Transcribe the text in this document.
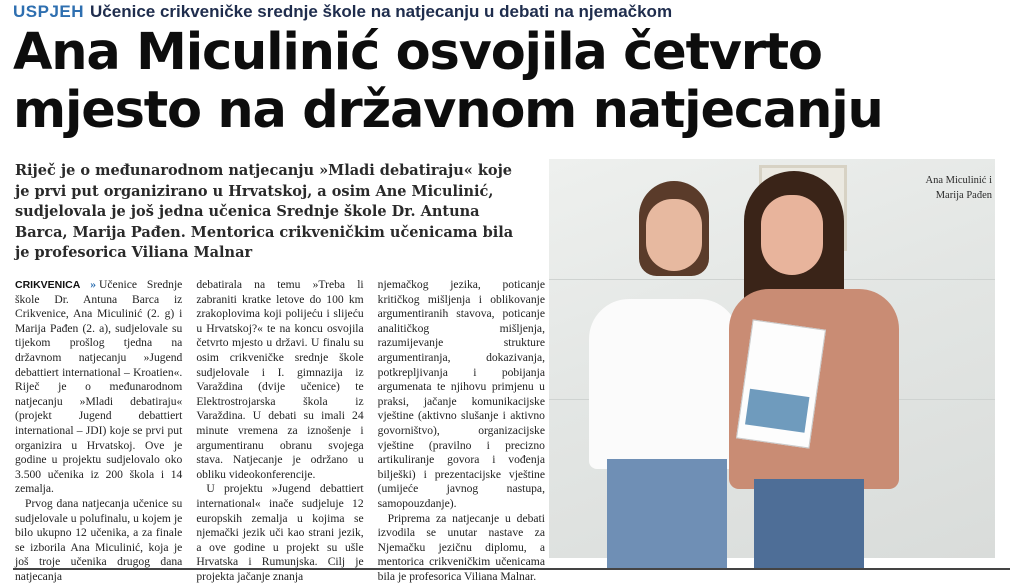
USPJEH Učenice crikveničke srednje škole na natjecanju u debati na njemačkom
Ana Miculinić osvojila četvrto
mjesto na državnom natjecanju

Riječ je o međunarodnom natjecanju »Mladi debatiraju« koje je prvi put organizirano u Hrvatskoj, a osim Ane Miculinić, sudjelovala je još jedna učenica Srednje škole Dr. Antuna Barca, Marija Pađen. Mentorica crikveničkim učenicama bila je profesorica Viliana Malnar

CRIKVENICA » Učenice Srednje škole Dr. Antuna Barca iz Crikvenice, Ana Miculinić (2. g) i Marija Pađen (2. a), sudjelovale su tijekom prošlog tjedna na državnom natjecanju »Jugend debattiert international – Kroatien«. Riječ je o međunarodnom natjecanju »Mladi debatiraju« (projekt Jugend debattiert international – JDI) koje se prvi put organizira u Hrvatskoj. Ove je godine u projektu sudjelovalo oko 3.500 učenika iz 200 škola i 14 zemalja.

Prvog dana natjecanja učenice su sudjelovale u polufinalu, u kojem je bilo ukupno 12 učenika, a za finale se izborila Ana Miculinić, koja je još troje učenika drugog dana natjecanja

debatirala na temu »Treba li zabraniti kratke letove do 100 km zrakoplovima koji polijeću i slijeću u Hrvatskoj?« te na koncu osvojila četvrto mjesto u državi. U finalu su osim crikveničke srednje škole sudjelovale i I. gimnazija iz Varaždina (dvije učenice) te Elektrostrojarska škola iz Varaždina. U debati su imali 24 minute vremena za iznošenje i argumentiranu obranu svojega stava. Natjecanje je održano u obliku videokonferencije.

U projektu »Jugend debattiert international« inače sudjeluje 12 europskih zemalja u kojima se njemački jezik uči kao strani jezik, a ove godine u projekt su ušle Hrvatska i Rumunjska. Cilj je projekta jačanje znanja

njemačkog jezika, poticanje kritičkog mišljenja i oblikovanje argumentiranih stavova, poticanje analitičkog mišljenja, razumijevanje strukture argumentiranja, dokazivanja, potkrepljivanja i pobijanja argumenata te njihovu primjenu u praksi, jačanje komunikacijske vještine (aktivno slušanje i aktivno govorništvo), organizacijske vještine (pravilno i precizno artikuliranje govora i vođenja bilješki) i prezentacijske vještine (umijeće javnog nastupa, samopouzdanje).

Priprema za natjecanje u debati izvodila se unutar nastave za Njemačku jezičnu diplomu, a mentorica crikveničkim učenicama bila je profesorica Viliana Malnar.

Ana Miculinić i
Marija Pađen
